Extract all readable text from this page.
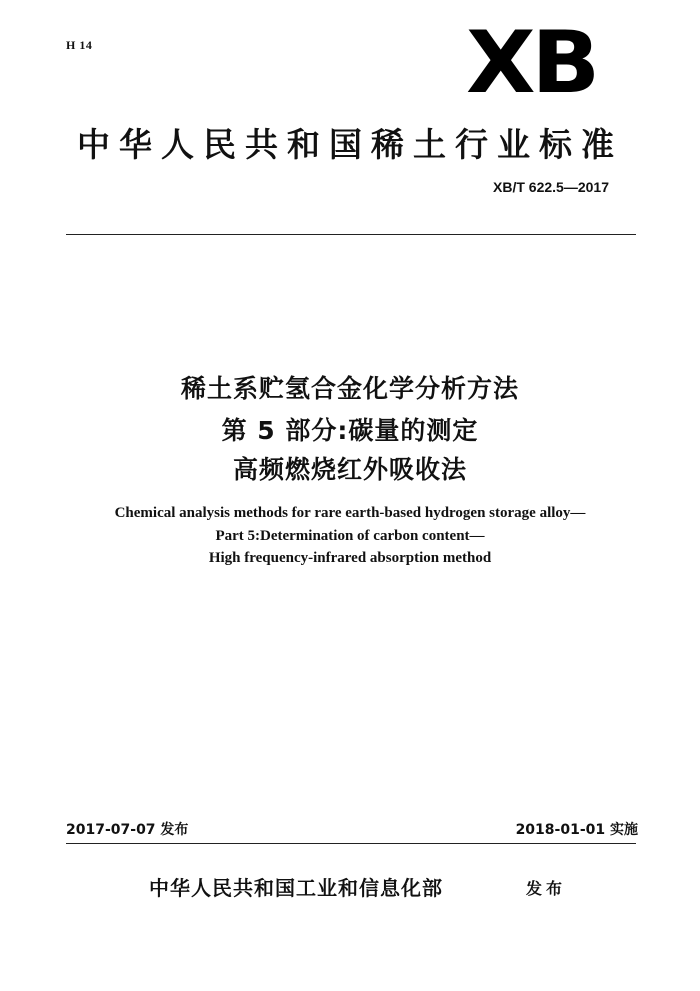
H 14	XB
中华人民共和国稀土行业标准
XB/T 622.5—2017
稀土系贮氢合金化学分析方法
第 5 部分:碳量的测定
高频燃烧红外吸收法
Chemical analysis methods for rare earth-based hydrogen storage alloy—
Part 5:Determination of carbon content—
High frequency-infrared absorption method
2017-07-07 发布	2018-01-01 实施
中华人民共和国工业和信息化部	发布
